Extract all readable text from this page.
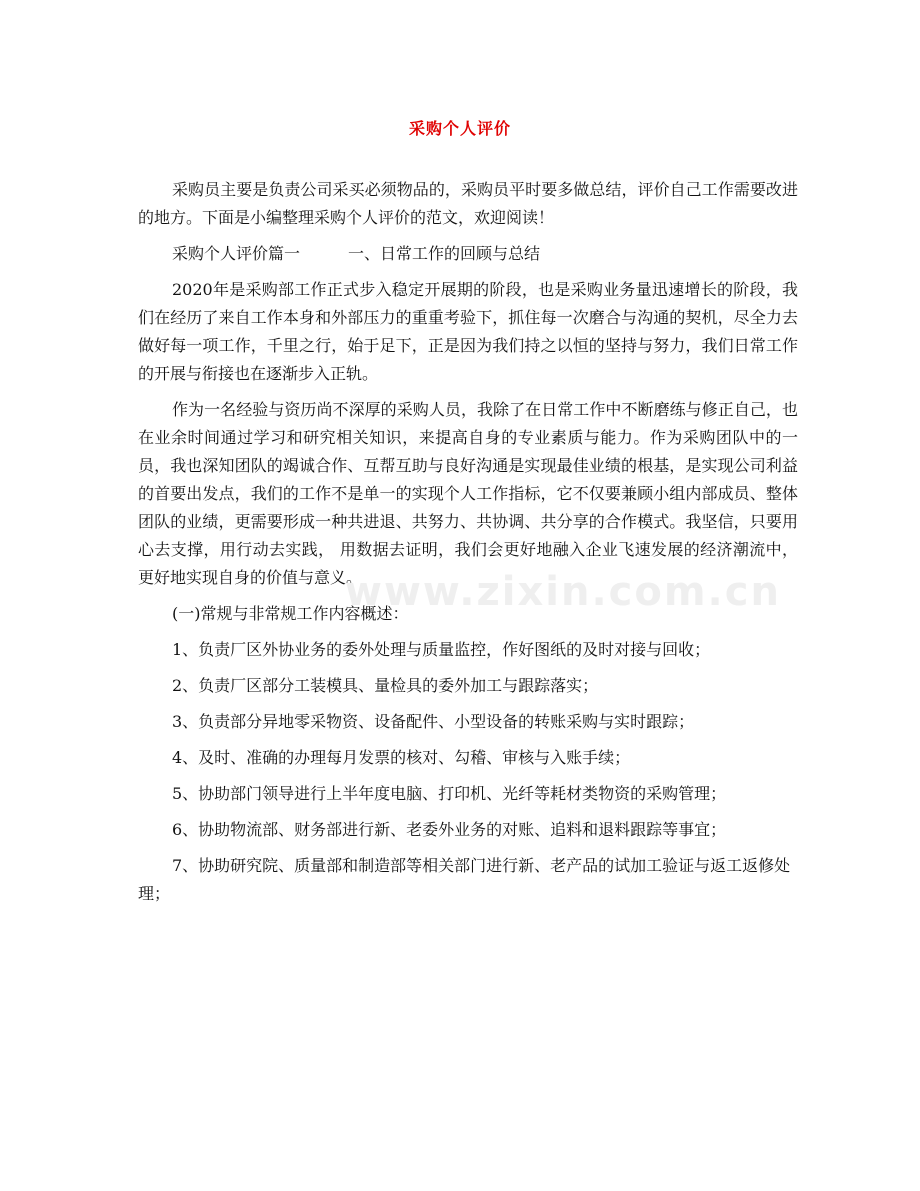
采购个人评价

采购员主要是负责公司采买必须物品的，采购员平时要多做总结，评价自己工作需要改进的地方。下面是小编整理采购个人评价的范文，欢迎阅读！

采购个人评价篇一	一、日常工作的回顾与总结

2020年是采购部工作正式步入稳定开展期的阶段，也是采购业务量迅速增长的阶段，我们在经历了来自工作本身和外部压力的重重考验下，抓住每一次磨合与沟通的契机，尽全力去做好每一项工作，千里之行，始于足下，正是因为我们持之以恒的坚持与努力，我们日常工作的开展与衔接也在逐渐步入正轨。

作为一名经验与资历尚不深厚的采购人员，我除了在日常工作中不断磨练与修正自己，也在业余时间通过学习和研究相关知识，来提高自身的专业素质与能力。作为采购团队中的一员，我也深知团队的竭诚合作、互帮互助与良好沟通是实现最佳业绩的根基，是实现公司利益的首要出发点，我们的工作不是单一的实现个人工作指标，它不仅要兼顾小组内部成员、整体团队的业绩，更需要形成一种共进退、共努力、共协调、共分享的合作模式。我坚信，只要用心去支撑，用行动去实践， 用数据去证明，我们会更好地融入企业飞速发展的经济潮流中，更好地实现自身的价值与意义。

(一)常规与非常规工作内容概述：

1、负责厂区外协业务的委外处理与质量监控，作好图纸的及时对接与回收；

2、负责厂区部分工装模具、量检具的委外加工与跟踪落实；

3、负责部分异地零采物资、设备配件、小型设备的转账采购与实时跟踪；

4、及时、准确的办理每月发票的核对、勾稽、审核与入账手续；

5、协助部门领导进行上半年度电脑、打印机、光纤等耗材类物资的采购管理；

6、协助物流部、财务部进行新、老委外业务的对账、追料和退料跟踪等事宜；

7、协助研究院、质量部和制造部等相关部门进行新、老产品的试加工验证与返工返修处理；

www.zixin.com.cn
